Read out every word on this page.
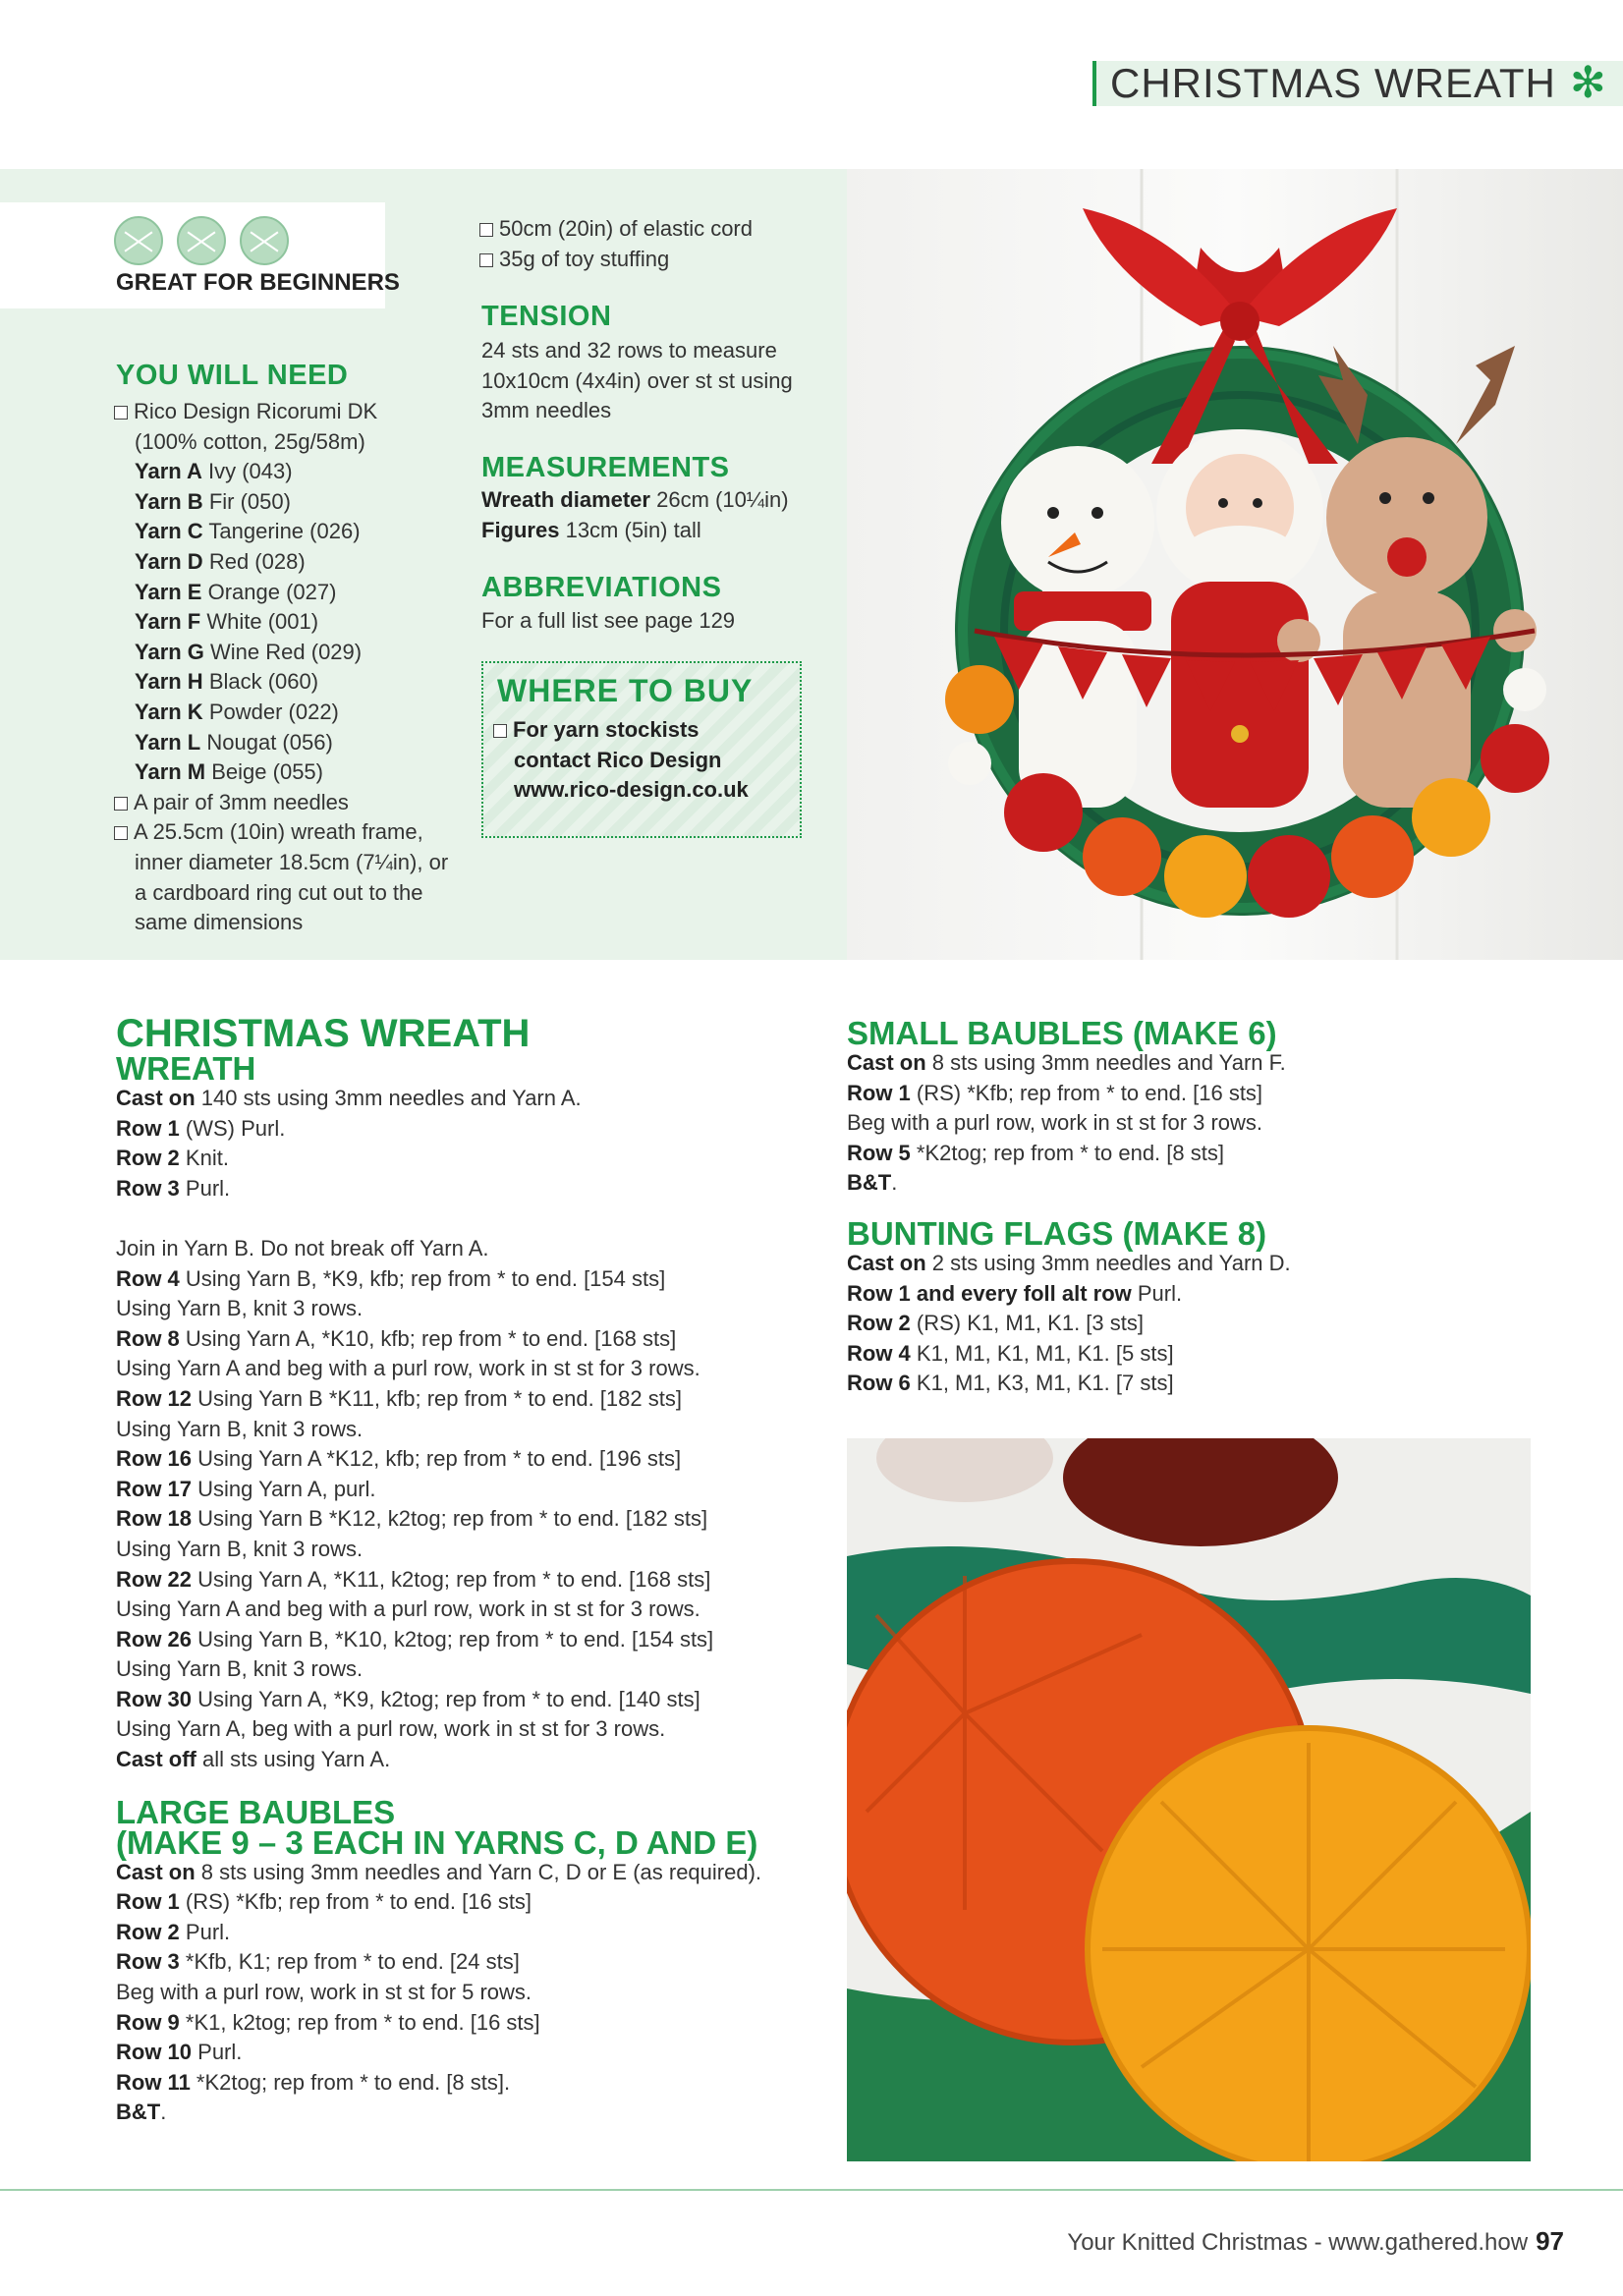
CHRISTMAS WREATH ✻
GREAT FOR BEGINNERS
YOU WILL NEED
Rico Design Ricorumi DK
(100% cotton, 25g/58m)
Yarn A Ivy (043)
Yarn B Fir (050)
Yarn C Tangerine (026)
Yarn D Red (028)
Yarn E Orange (027)
Yarn F White (001)
Yarn G Wine Red (029)
Yarn H Black (060)
Yarn K Powder (022)
Yarn L Nougat (056)
Yarn M Beige (055)
A pair of 3mm needles
A 25.5cm (10in) wreath frame,
inner diameter 18.5cm (7¼in), or
a cardboard ring cut out to the
same dimensions
50cm (20in) of elastic cord
35g of toy stuffing
TENSION
24 sts and 32 rows to measure
10x10cm (4x4in) over st st using
3mm needles
MEASUREMENTS
Wreath diameter 26cm (10¼in)
Figures 13cm (5in) tall
ABBREVIATIONS
For a full list see page 129
WHERE TO BUY
For yarn stockists
contact Rico Design
www.rico-design.co.uk
CHRISTMAS WREATH
WREATH
Cast on 140 sts using 3mm needles and Yarn A.
Row 1 (WS) Purl.
Row 2 Knit.
Row 3 Purl.
Join in Yarn B. Do not break off Yarn A.
Row 4 Using Yarn B, *K9, kfb; rep from * to end. [154 sts]
Using Yarn B, knit 3 rows.
Row 8 Using Yarn A, *K10, kfb; rep from * to end. [168 sts]
Using Yarn A and beg with a purl row, work in st st for 3 rows.
Row 12 Using Yarn B *K11, kfb; rep from * to end. [182 sts]
Using Yarn B, knit 3 rows.
Row 16 Using Yarn A *K12, kfb; rep from * to end. [196 sts]
Row 17 Using Yarn A, purl.
Row 18 Using Yarn B *K12, k2tog; rep from * to end. [182 sts]
Using Yarn B, knit 3 rows.
Row 22 Using Yarn A, *K11, k2tog; rep from * to end. [168 sts]
Using Yarn A and beg with a purl row, work in st st for 3 rows.
Row 26 Using Yarn B, *K10, k2tog; rep from * to end. [154 sts]
Using Yarn B, knit 3 rows.
Row 30 Using Yarn A, *K9, k2tog; rep from * to end. [140 sts]
Using Yarn A, beg with a purl row, work in st st for 3 rows.
Cast off all sts using Yarn A.
LARGE BAUBLES
(MAKE 9 – 3 EACH IN YARNS C, D AND E)
Cast on 8 sts using 3mm needles and Yarn C, D or E (as required).
Row 1 (RS) *Kfb; rep from * to end. [16 sts]
Row 2 Purl.
Row 3 *Kfb, K1; rep from * to end. [24 sts]
Beg with a purl row, work in st st for 5 rows.
Row 9 *K1, k2tog; rep from * to end. [16 sts]
Row 10 Purl.
Row 11 *K2tog; rep from * to end. [8 sts].
B&T.
SMALL BAUBLES (MAKE 6)
Cast on 8 sts using 3mm needles and Yarn F.
Row 1 (RS) *Kfb; rep from * to end. [16 sts]
Beg with a purl row, work in st st for 3 rows.
Row 5 *K2tog; rep from * to end. [8 sts]
B&T.
BUNTING FLAGS (MAKE 8)
Cast on 2 sts using 3mm needles and Yarn D.
Row 1 and every foll alt row Purl.
Row 2 (RS) K1, M1, K1. [3 sts]
Row 4 K1, M1, K1, M1, K1. [5 sts]
Row 6 K1, M1, K3, M1, K1. [7 sts]
Your Knitted Christmas - www.gathered.how 97
